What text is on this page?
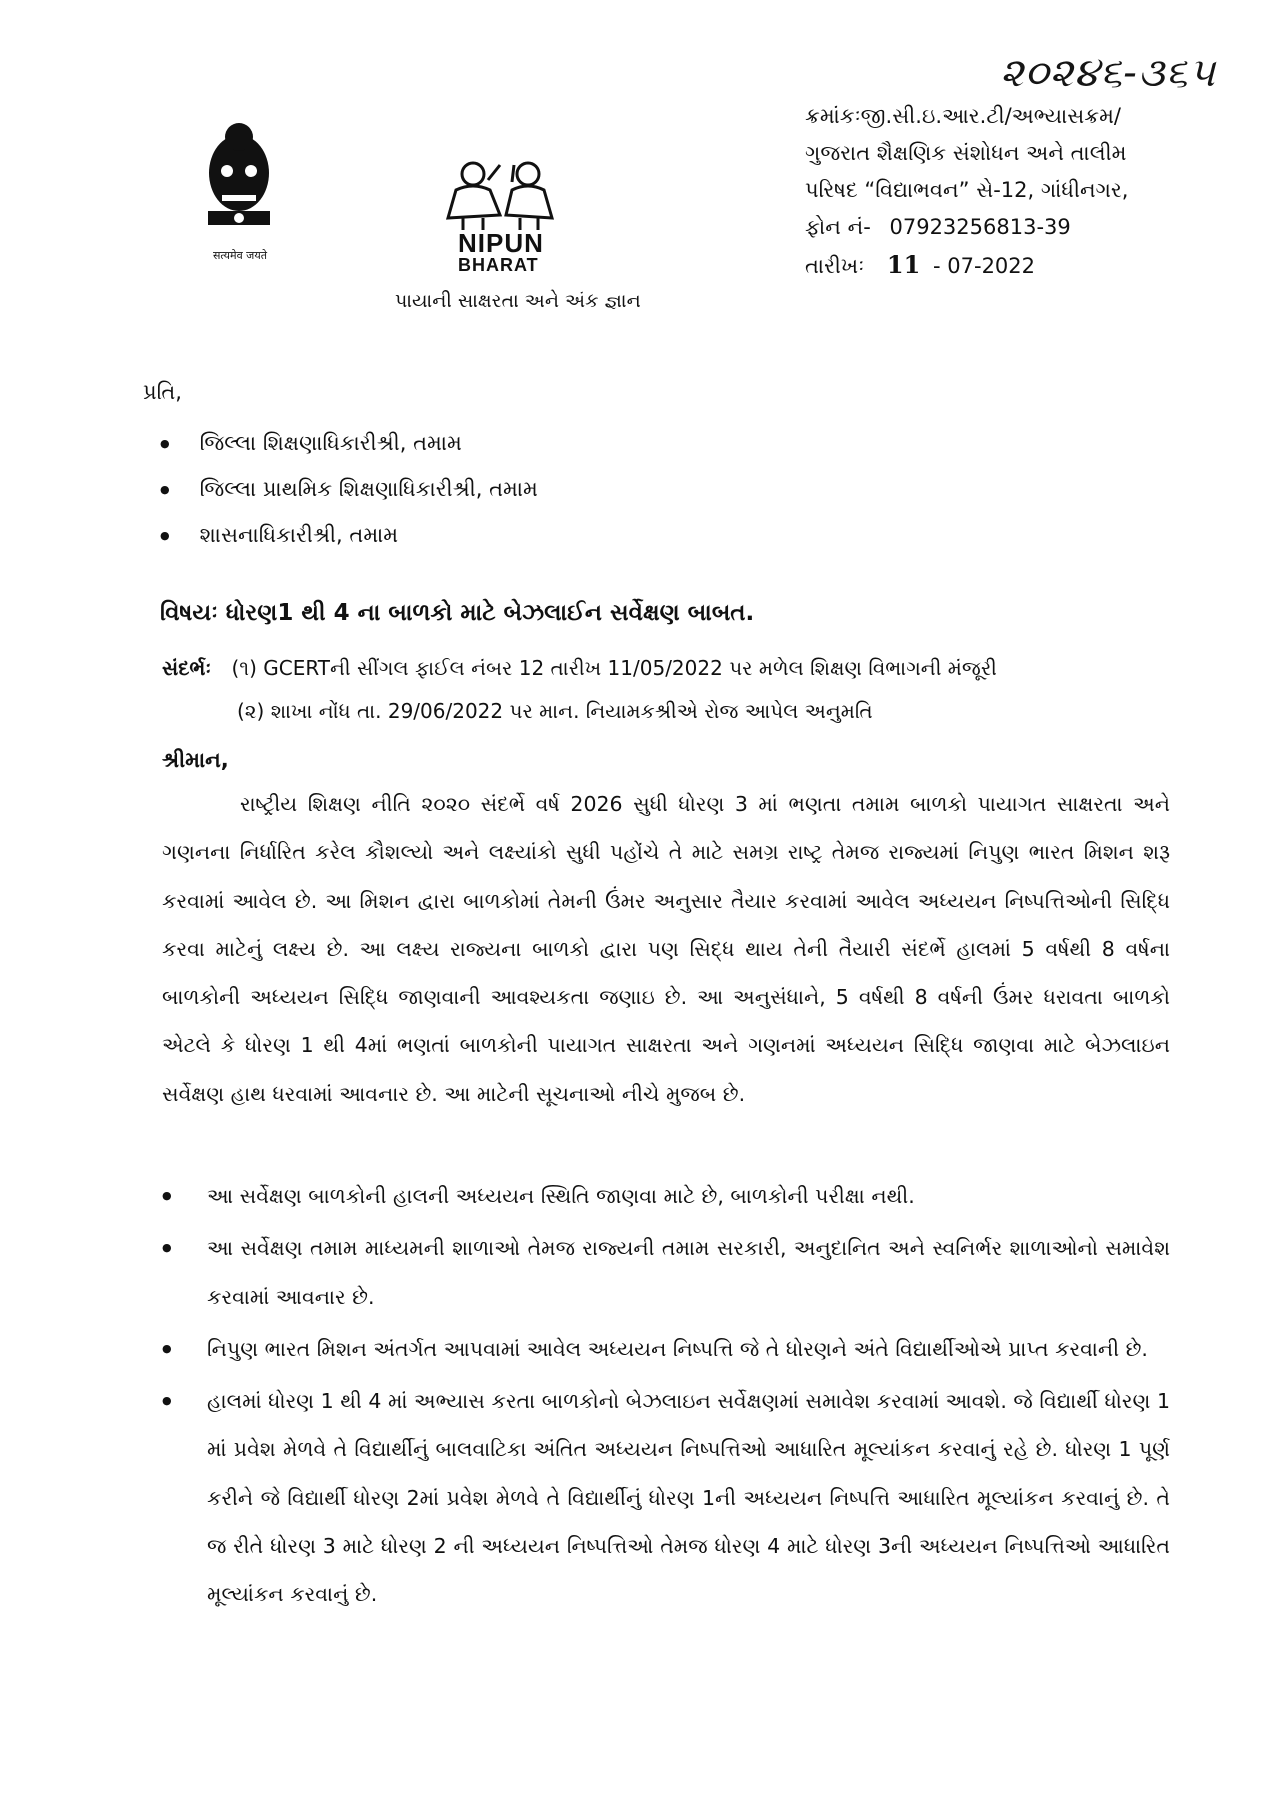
૨૦૨૪૬-૩૬૫
सत्यमेव जयते	NIPUN
BHARAT
પાયાની સાક્ષરતા અને અંક જ્ઞાન
ક્રમાંકઃજી.સી.ઇ.આર.ટી/અભ્યાસક્રમ/
ગુજરાત શૈક્ષણિક સંશોધન અને તાલીમ
પરિષદ “વિદ્યાભવન” સે-12, ગાંધીનગર,
ફોન નં- 07923256813-39
તારીખઃ 11 - 07-2022
પ્રતિ,
● જિલ્લા શિક્ષણાધિકારીશ્રી, તમામ
● જિલ્લા પ્રાથમિક શિક્ષણાધિકારીશ્રી, તમામ
● શાસનાધિકારીશ્રી, તમામ
વિષયઃ ધોરણ1 થી 4 ના બાળકો માટે બેઝલાઈન સર્વેક્ષણ બાબત.
સંદર્ભઃ (૧) GCERTની સીંગલ ફાઈલ નંબર 12 તારીખ 11/05/2022 પર મળેલ શિક્ષણ વિભાગની મંજૂરી
(૨) શાખા નોંધ તા. 29/06/2022 પર માન. નિયામકશ્રીએ રોજ આપેલ અનુમતિ
શ્રીમાન,
રાષ્ટ્રીય શિક્ષણ નીતિ ૨૦૨૦ સંદર્ભે વર્ષ 2026 સુધી ધોરણ 3 માં ભણતા તમામ બાળકો પાયાગત સાક્ષરતા અને ગણનના નિર્ધારિત કરેલ કૌશલ્યો અને લક્ષ્યાંકો સુધી પહોંચે તે માટે સમગ્ર રાષ્ટ્ર તેમજ રાજ્યમાં નિપુણ ભારત મિશન શરૂ કરવામાં આવેલ છે. આ મિશન દ્વારા બાળકોમાં તેમની ઉંમર અનુસાર તૈયાર કરવામાં આવેલ અધ્યયન નિષ્પત્તિઓની સિદ્ધિ કરવા માટેનું લક્ષ્ય છે. આ લક્ષ્ય રાજ્યના બાળકો દ્વારા પણ સિદ્ધ થાય તેની તૈયારી સંદર્ભે હાલમાં 5 વર્ષથી 8 વર્ષના બાળકોની અધ્યયન સિદ્ધિ જાણવાની આવશ્યકતા જણાઇ છે. આ અનુસંધાને, 5 વર્ષથી 8 વર્ષની ઉંમર ધરાવતા બાળકો એટલે કે ધોરણ 1 થી 4માં ભણતાં બાળકોની પાયાગત સાક્ષરતા અને ગણનમાં અધ્યયન સિદ્ધિ જાણવા માટે બેઝલાઇન સર્વેક્ષણ હાથ ધરવામાં આવનાર છે. આ માટેની સૂચનાઓ નીચે મુજબ છે.
● આ સર્વેક્ષણ બાળકોની હાલની અધ્યયન સ્થિતિ જાણવા માટે છે, બાળકોની પરીક્ષા નથી.
● આ સર્વેક્ષણ તમામ માધ્યમની શાળાઓ તેમજ રાજ્યની તમામ સરકારી, અનુદાનિત અને સ્વનિર્ભર શાળાઓનો સમાવેશ કરવામાં આવનાર છે.
● નિપુણ ભારત મિશન અંતર્ગત આપવામાં આવેલ અધ્યયન નિષ્પત્તિ જે તે ધોરણને અંતે વિદ્યાર્થીઓએ પ્રાપ્ત કરવાની છે.
● હાલમાં ધોરણ 1 થી 4 માં અભ્યાસ કરતા બાળકોનો બેઝલાઇન સર્વેક્ષણમાં સમાવેશ કરવામાં આવશે. જે વિદ્યાર્થી ધોરણ 1 માં પ્રવેશ મેળવે તે વિદ્યાર્થીનું બાલવાટિકા અંતિત અધ્યયન નિષ્પત્તિઓ આધારિત મૂલ્યાંકન કરવાનું રહે છે. ધોરણ 1 પૂર્ણ કરીને જે વિદ્યાર્થી ધોરણ 2માં પ્રવેશ મેળવે તે વિદ્યાર્થીનું ધોરણ 1ની અધ્યયન નિષ્પત્તિ આધારિત મૂલ્યાંકન કરવાનું છે. તે જ રીતે ધોરણ 3 માટે ધોરણ 2 ની અધ્યયન નિષ્પત્તિઓ તેમજ ધોરણ 4 માટે ધોરણ 3ની અધ્યયન નિષ્પત્તિઓ આધારિત મૂલ્યાંકન કરવાનું છે.
